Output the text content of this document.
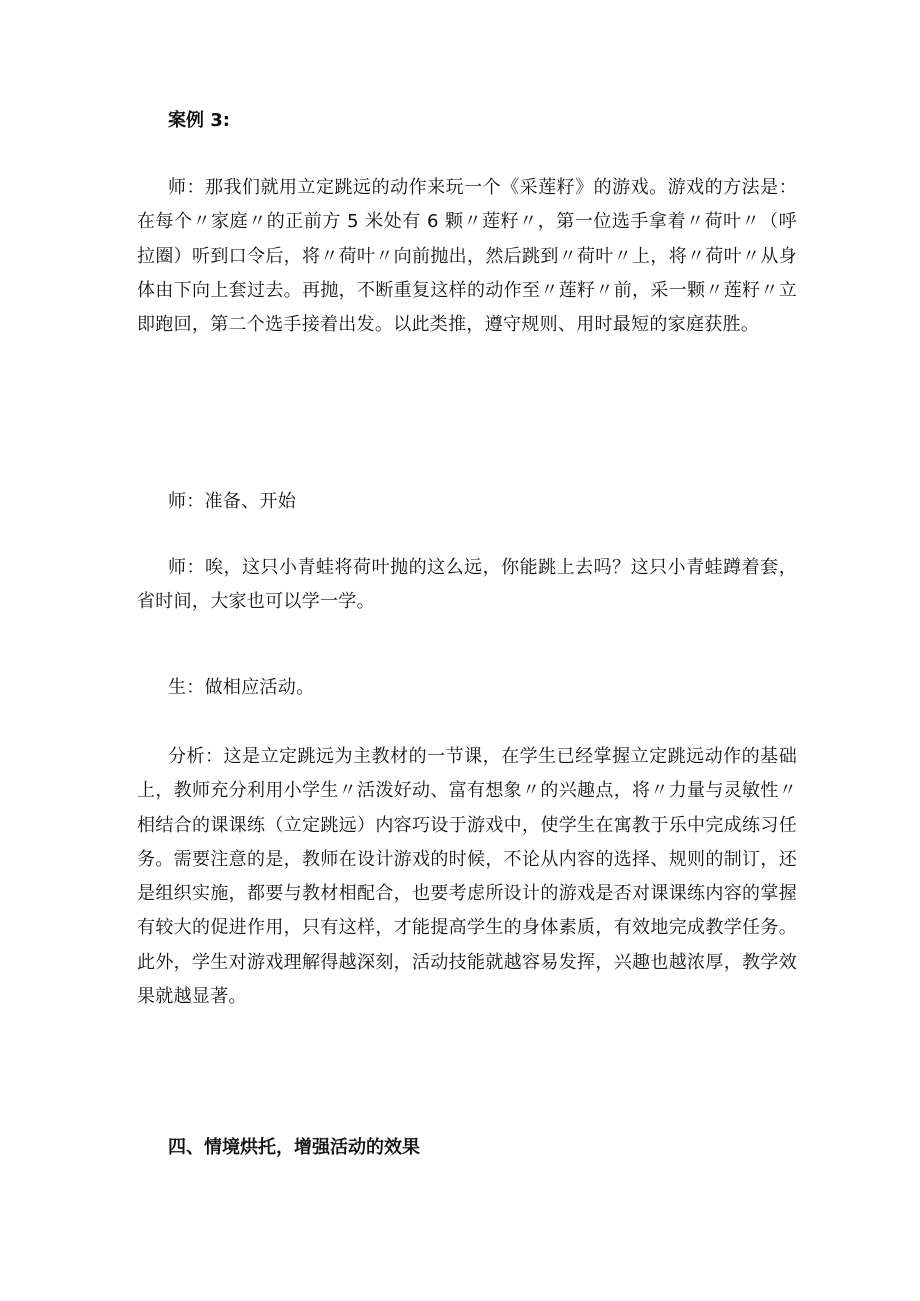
案例 3:
师：那我们就用立定跳远的动作来玩一个《采莲籽》的游戏。游戏的方法是：在每个〃家庭〃的正前方 5 米处有 6 颗〃莲籽〃，第一位选手拿着〃荷叶〃（呼拉圈）听到口令后，将〃荷叶〃向前抛出，然后跳到〃荷叶〃上，将〃荷叶〃从身体由下向上套过去。再抛，不断重复这样的动作至〃莲籽〃前，采一颗〃莲籽〃立即跑回，第二个选手接着出发。以此类推，遵守规则、用时最短的家庭获胜。
师：准备、开始
师：唉，这只小青蛙将荷叶抛的这么远，你能跳上去吗？这只小青蛙蹲着套，省时间，大家也可以学一学。
生：做相应活动。
分析：这是立定跳远为主教材的一节课，在学生已经掌握立定跳远动作的基础上，教师充分利用小学生〃活泼好动、富有想象〃的兴趣点，将〃力量与灵敏性〃相结合的课课练（立定跳远）内容巧设于游戏中，使学生在寓教于乐中完成练习任务。需要注意的是，教师在设计游戏的时候，不论从内容的选择、规则的制订，还是组织实施，都要与教材相配合，也要考虑所设计的游戏是否对课课练内容的掌握有较大的促进作用，只有这样，才能提高学生的身体素质，有效地完成教学任务。此外，学生对游戏理解得越深刻，活动技能就越容易发挥，兴趣也越浓厚，教学效果就越显著。
四、情境烘托，增强活动的效果
